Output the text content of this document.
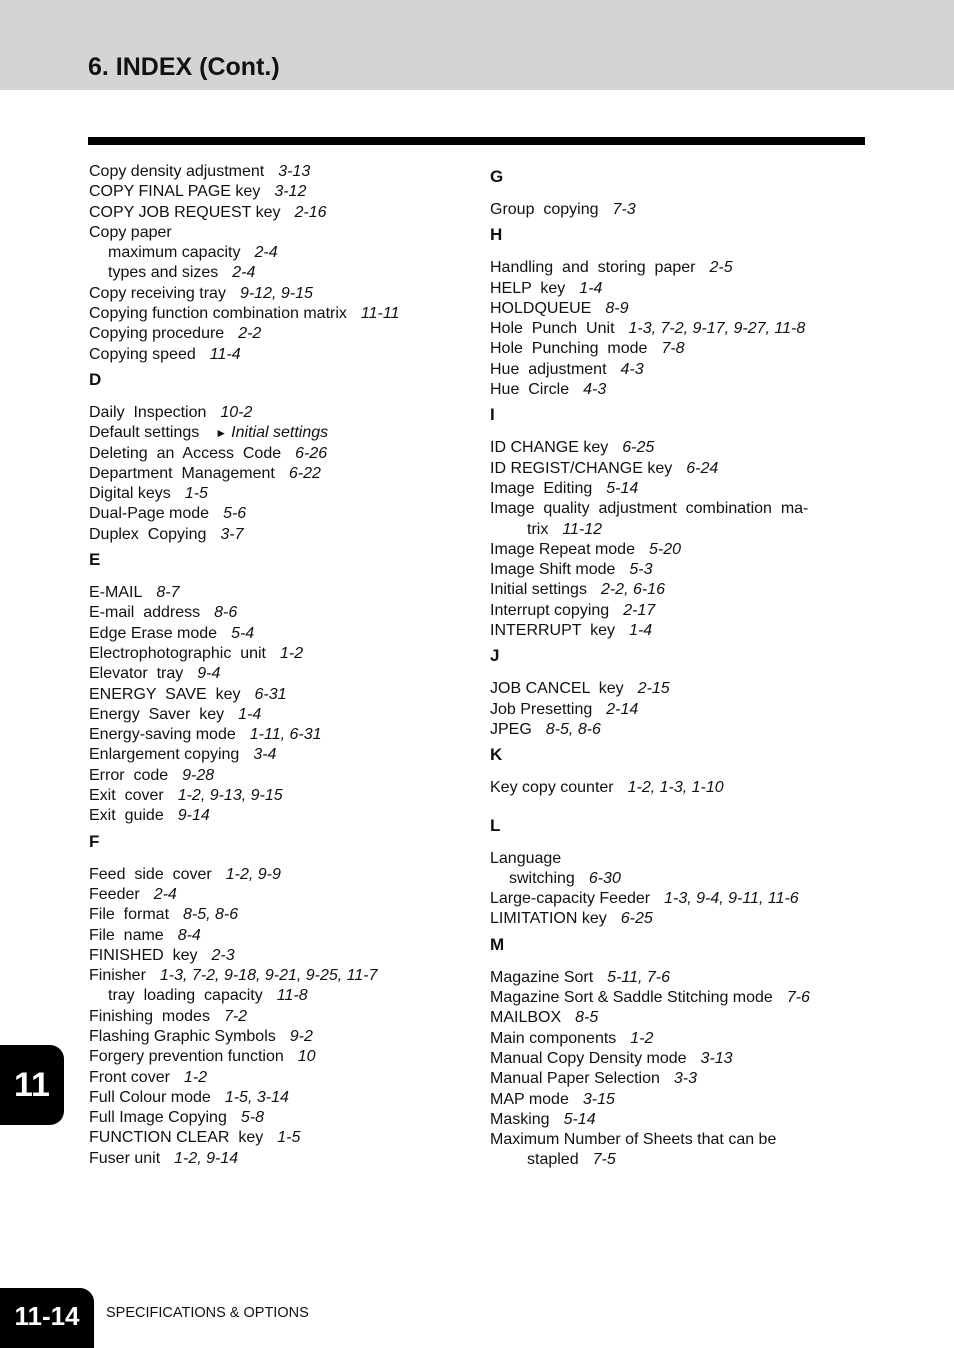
6. INDEX (Cont.)
Copy density adjustment 3-13
COPY FINAL PAGE key 3-12
COPY JOB REQUEST key 2-16
Copy paper
maximum capacity 2-4
types and sizes 2-4
Copy receiving tray 9-12, 9-15
Copying function combination matrix 11-11
Copying procedure 2-2
Copying speed 11-4
D
Daily  Inspection 10-2
Default settings ► Initial settings
Deleting  an  Access  Code 6-26
Department  Management 6-22
Digital keys 1-5
Dual-Page mode 5-6
Duplex  Copying 3-7
E
E-MAIL 8-7
E-mail  address 8-6
Edge Erase mode 5-4
Electrophotographic  unit 1-2
Elevator  tray 9-4
ENERGY  SAVE  key 6-31
Energy  Saver  key 1-4
Energy-saving mode 1-11, 6-31
Enlargement copying 3-4
Error  code 9-28
Exit  cover 1-2, 9-13, 9-15
Exit  guide 9-14
F
Feed  side  cover 1-2, 9-9
Feeder 2-4
File  format 8-5, 8-6
File  name 8-4
FINISHED  key 2-3
Finisher 1-3, 7-2, 9-18, 9-21, 9-25, 11-7
tray  loading  capacity 11-8
Finishing  modes 7-2
Flashing Graphic Symbols 9-2
Forgery prevention function 10
Front cover 1-2
Full Colour mode 1-5, 3-14
Full Image Copying 5-8
FUNCTION CLEAR  key 1-5
Fuser unit 1-2, 9-14
G
Group  copying 7-3
H
Handling  and  storing  paper 2-5
HELP  key 1-4
HOLDQUEUE 8-9
Hole  Punch  Unit 1-3, 7-2, 9-17, 9-27, 11-8
Hole  Punching  mode 7-8
Hue  adjustment 4-3
Hue  Circle 4-3
I
ID CHANGE key 6-25
ID REGIST/CHANGE key 6-24
Image  Editing 5-14
Image  quality  adjustment  combination  ma-
trix 11-12
Image Repeat mode 5-20
Image Shift mode 5-3
Initial settings 2-2, 6-16
Interrupt copying 2-17
INTERRUPT  key 1-4
J
JOB CANCEL  key 2-15
Job Presetting 2-14
JPEG 8-5, 8-6
K
Key copy counter 1-2, 1-3, 1-10
L
Language
switching 6-30
Large-capacity Feeder 1-3, 9-4, 9-11, 11-6
LIMITATION key 6-25
M
Magazine Sort 5-11, 7-6
Magazine Sort & Saddle Stitching mode 7-6
MAILBOX 8-5
Main components 1-2
Manual Copy Density mode 3-13
Manual Paper Selection 3-3
MAP mode 3-15
Masking 5-14
Maximum Number of Sheets that can be
stapled 7-5
11
11-14	SPECIFICATIONS & OPTIONS
